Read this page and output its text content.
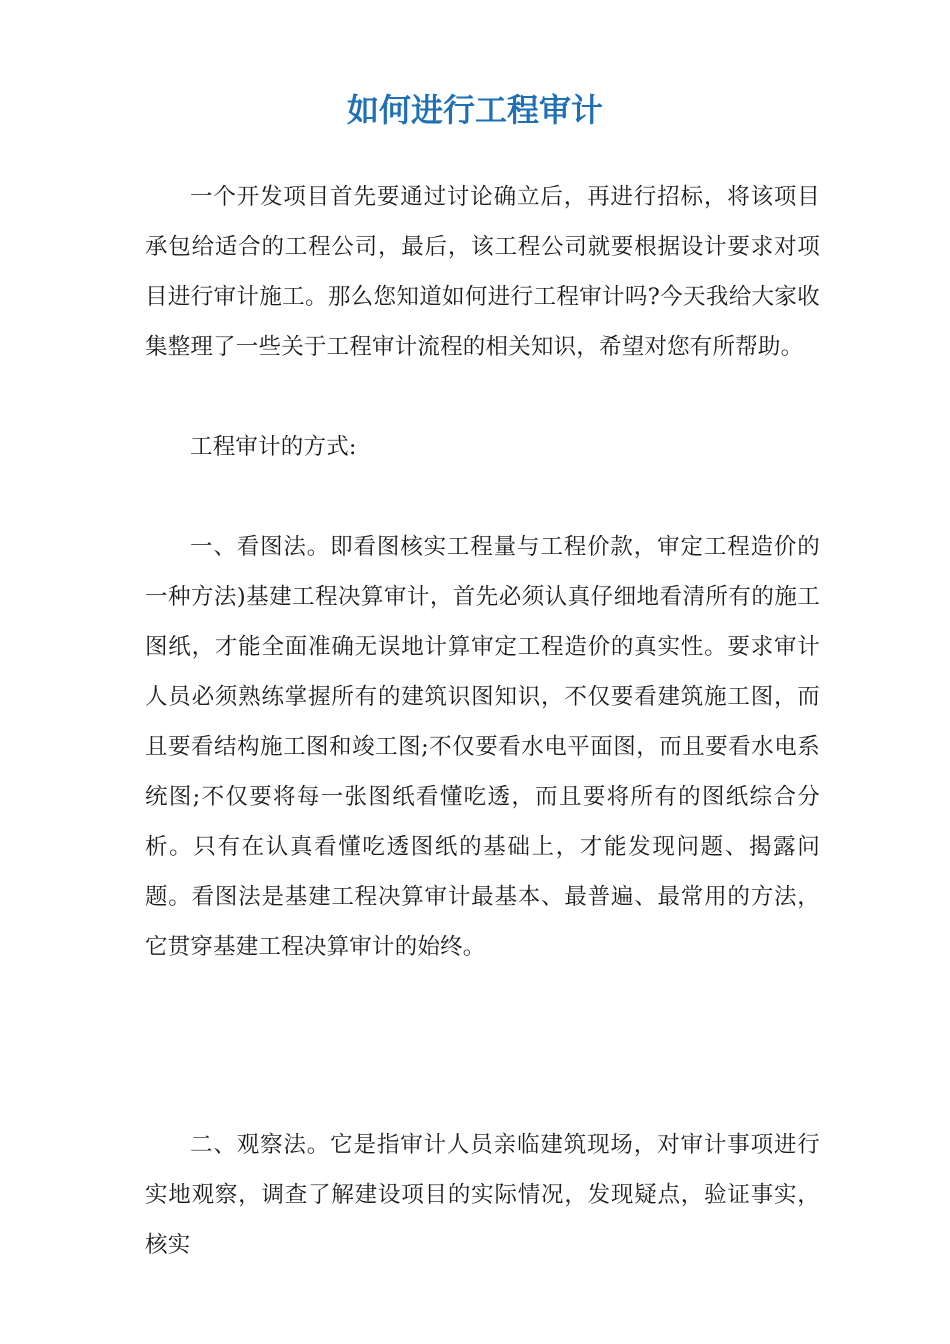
如何进行工程审计

一个开发项目首先要通过讨论确立后，再进行招标，将该项目承包给适合的工程公司，最后，该工程公司就要根据设计要求对项目进行审计施工。那么您知道如何进行工程审计吗?今天我给大家收集整理了一些关于工程审计流程的相关知识，希望对您有所帮助。

工程审计的方式:

一、看图法。即看图核实工程量与工程价款，审定工程造价的一种方法)基建工程决算审计，首先必须认真仔细地看清所有的施工图纸，才能全面准确无误地计算审定工程造价的真实性。要求审计人员必须熟练掌握所有的建筑识图知识，不仅要看建筑施工图，而且要看结构施工图和竣工图;不仅要看水电平面图，而且要看水电系统图;不仅要将每一张图纸看懂吃透，而且要将所有的图纸综合分析。只有在认真看懂吃透图纸的基础上，才能发现问题、揭露问题。看图法是基建工程决算审计最基本、最普遍、最常用的方法，它贯穿基建工程决算审计的始终。

二、观察法。它是指审计人员亲临建筑现场，对审计事项进行实地观察，调查了解建设项目的实际情况，发现疑点，验证事实，核实
